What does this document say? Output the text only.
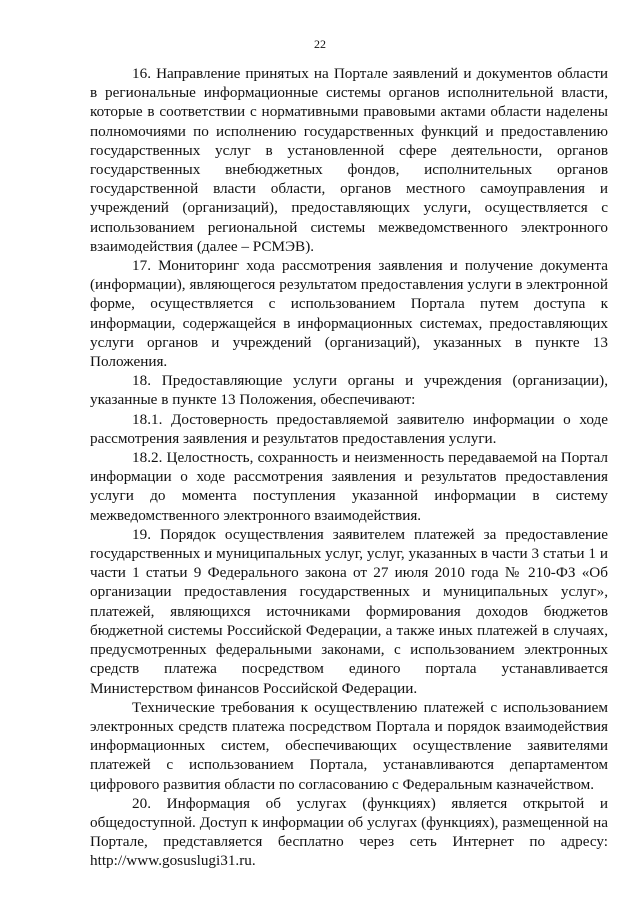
22

16. Направление принятых на Портале заявлений и документов области в региональные информационные системы органов исполнительной власти, которые в соответствии с нормативными правовыми актами области наделены полномочиями по исполнению государственных функций и предоставлению государственных услуг в установленной сфере деятельности, органов государственных внебюджетных фондов, исполнительных органов государственной власти области, органов местного самоуправления и учреждений (организаций), предоставляющих услуги, осуществляется с использованием региональной системы межведомственного электронного взаимодействия (далее – РСМЭВ).

17. Мониторинг хода рассмотрения заявления и получение документа (информации), являющегося результатом предоставления услуги в электронной форме, осуществляется с использованием Портала путем доступа к информации, содержащейся в информационных системах, предоставляющих услуги органов и учреждений (организаций), указанных в пункте 13 Положения.

18. Предоставляющие услуги органы и учреждения (организации), указанные в пункте 13 Положения, обеспечивают:

18.1. Достоверность предоставляемой заявителю информации о ходе рассмотрения заявления и результатов предоставления услуги.

18.2. Целостность, сохранность и неизменность передаваемой на Портал информации о ходе рассмотрения заявления и результатов предоставления услуги до момента поступления указанной информации в систему межведомственного электронного взаимодействия.

19. Порядок осуществления заявителем платежей за предоставление государственных и муниципальных услуг, услуг, указанных в части 3 статьи 1 и части 1 статьи 9 Федерального закона от 27 июля 2010 года № 210-ФЗ «Об организации предоставления государственных и муниципальных услуг», платежей, являющихся источниками формирования доходов бюджетов бюджетной системы Российской Федерации, а также иных платежей в случаях, предусмотренных федеральными законами, с использованием электронных средств платежа посредством единого портала устанавливается Министерством финансов Российской Федерации.

Технические требования к осуществлению платежей с использованием электронных средств платежа посредством Портала и порядок взаимодействия информационных систем, обеспечивающих осуществление заявителями платежей с использованием Портала, устанавливаются департаментом цифрового развития области по согласованию с Федеральным казначейством.

20. Информация об услугах (функциях) является открытой и общедоступной. Доступ к информации об услугах (функциях), размещенной на Портале, представляется бесплатно через сеть Интернет по адресу: http://www.gosuslugi31.ru.
